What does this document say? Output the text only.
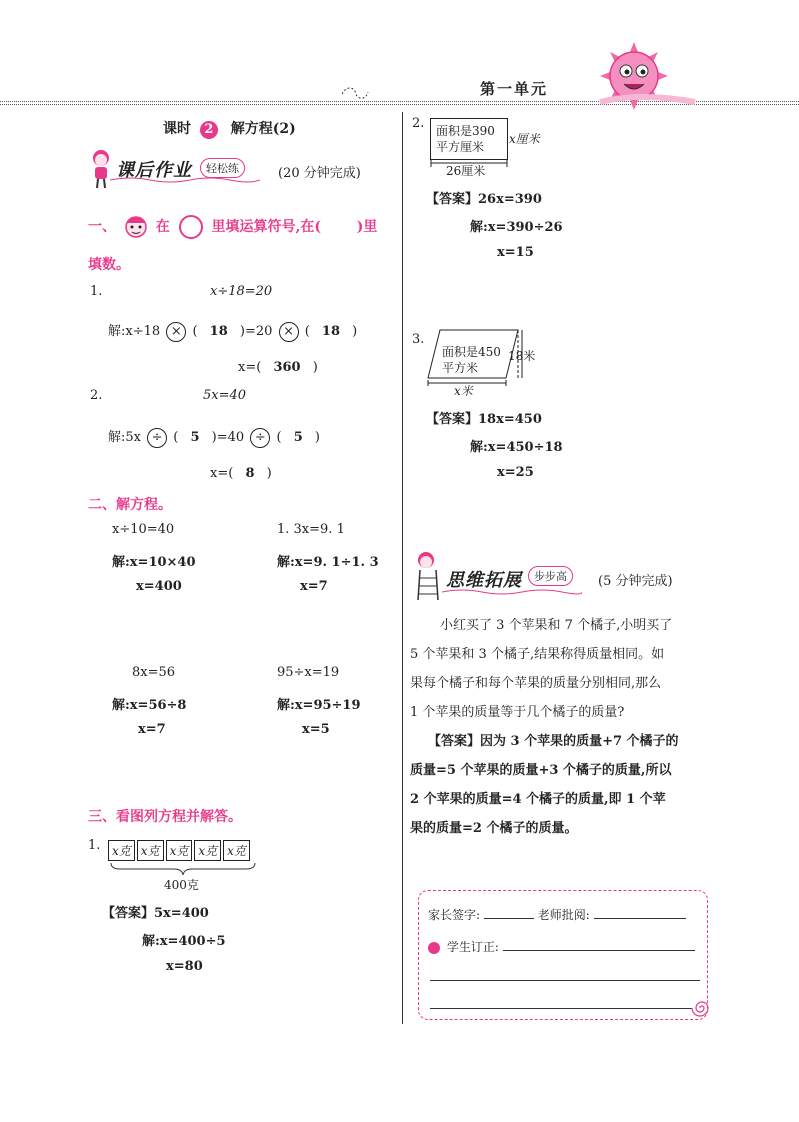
第一单元
课时 2 解方程(2)
课后作业	轻松练	(20 分钟完成)
一、	在	里填运算符号,在(	)里
填数。
1.	x÷18=20
解:x÷18 × ( 18 )=20 × ( 18 )
x=( 360 )
2.	5x=40
解:5x ÷ ( 5 )=40 ÷ ( 5 )
x=( 8 )
二、解方程。
x÷10=40
解:x=10×40
x=400
1. 3x=9. 1
解:x=9. 1÷1. 3
x=7
8x=56
解:x=56÷8
x=7
95÷x=19
解:x=95÷19
x=5
三、看图列方程并解答。
1. x克 x克 x克 x克 x克
400克
【答案】5x=400
解:x=400÷5
x=80
2. 面积是390
平方厘米
x厘米
26厘米
【答案】26x=390
解:x=390÷26
x=15
3.
面积是450
平方米
18米
x米
【答案】18x=450
解:x=450÷18
x=25
思维拓展	步步高	(5 分钟完成)
小红买了 3 个苹果和 7 个橘子,小明买了
5 个苹果和 3 个橘子,结果称得质量相同。如
果每个橘子和每个苹果的质量分别相同,那么
1 个苹果的质量等于几个橘子的质量?
【答案】因为 3 个苹果的质量+7 个橘子的
质量=5 个苹果的质量+3 个橘子的质量,所以
2 个苹果的质量=4 个橘子的质量,即 1 个苹
果的质量=2 个橘子的质量。
家长签字:	老师批阅:
学生订正:
